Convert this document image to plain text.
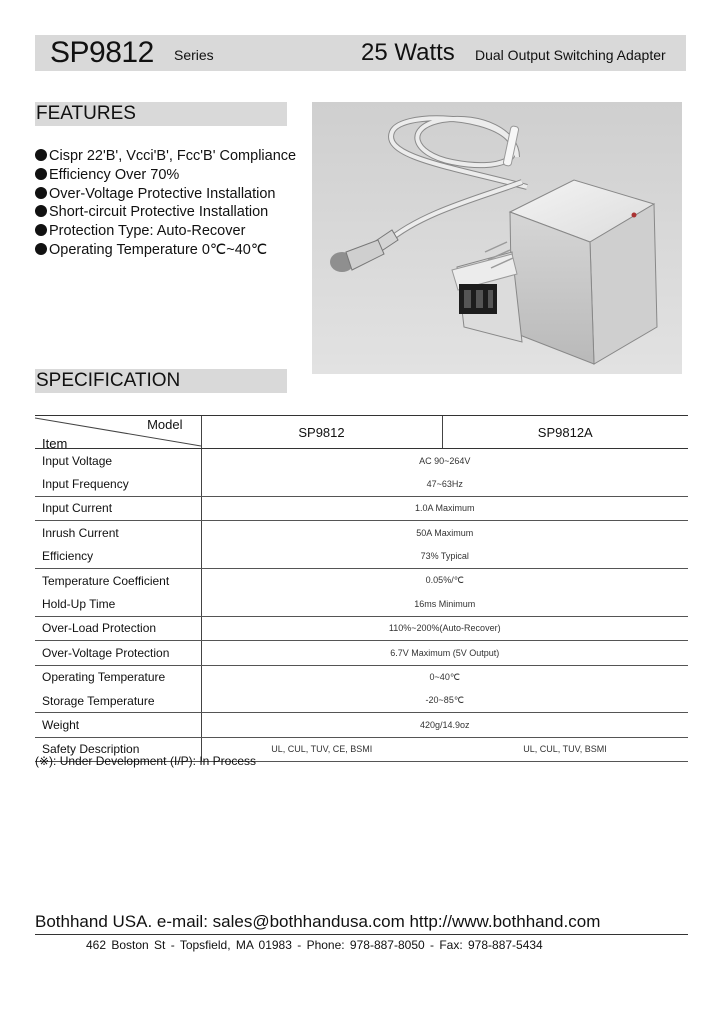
SP9812 Series	25 Watts Dual Output Switching Adapter
FEATURES
Cispr 22'B', Vcci'B', Fcc'B' Compliance
Efficiency Over 70%
Over-Voltage Protective Installation
Short-circuit Protective Installation
Protection Type: Auto-Recover
Operating Temperature 0℃~40℃
SPECIFICATION
Model
Item	SP9812	SP9812A
Input Voltage	AC 90~264V	
Input Frequency	47~63Hz	
Input Current	1.0A Maximum	
Inrush Current	50A Maximum	
Efficiency	73% Typical	
Temperature Coefficient	0.05%/℃	
Hold-Up Time	16ms Minimum	
Over-Load Protection	110%~200%(Auto-Recover)	
Over-Voltage Protection	6.7V Maximum (5V Output)	
Operating Temperature	0~40℃	
Storage Temperature	-20~85℃	
Weight	420g/14.9oz	
Safety Description	UL, CUL, TUV, CE, BSMI	UL, CUL, TUV, BSMI
(※): Under Development (I/P): In Process
Bothhand USA. e-mail: sales@bothhandusa.com http://www.bothhand.com
462 Boston St - Topsfield, MA 01983 - Phone: 978-887-8050 - Fax: 978-887-5434
